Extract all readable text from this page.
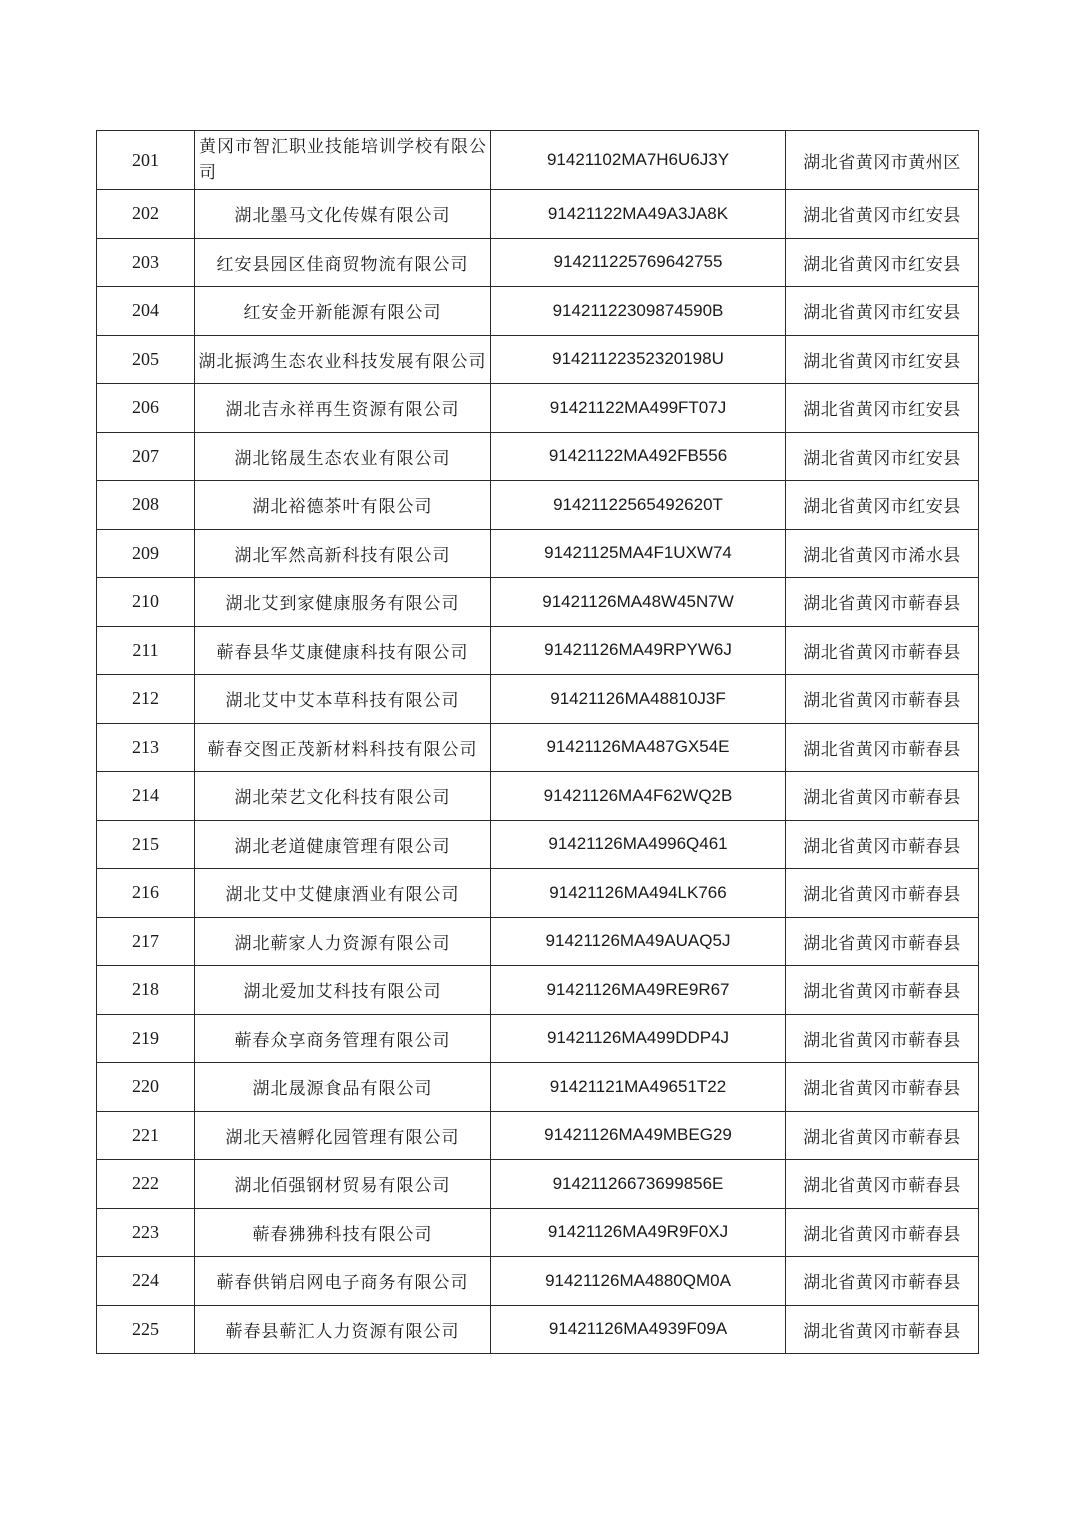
201	黄冈市智汇职业技能培训学校有限公司	91421102MA7H6U6J3Y	湖北省黄冈市黄州区
202	湖北墨马文化传媒有限公司	91421122MA49A3JA8K	湖北省黄冈市红安县
203	红安县园区佳商贸物流有限公司	914211225769642755	湖北省黄冈市红安县
204	红安金开新能源有限公司	91421122309874590B	湖北省黄冈市红安县
205	湖北振鸿生态农业科技发展有限公司	91421122352320198U	湖北省黄冈市红安县
206	湖北吉永祥再生资源有限公司	91421122MA499FT07J	湖北省黄冈市红安县
207	湖北铭晟生态农业有限公司	91421122MA492FB556	湖北省黄冈市红安县
208	湖北裕德茶叶有限公司	91421122565492620T	湖北省黄冈市红安县
209	湖北军然高新科技有限公司	91421125MA4F1UXW74	湖北省黄冈市浠水县
210	湖北艾到家健康服务有限公司	91421126MA48W45N7W	湖北省黄冈市蕲春县
211	蕲春县华艾康健康科技有限公司	91421126MA49RPYW6J	湖北省黄冈市蕲春县
212	湖北艾中艾本草科技有限公司	91421126MA48810J3F	湖北省黄冈市蕲春县
213	蕲春交图正茂新材料科技有限公司	91421126MA487GX54E	湖北省黄冈市蕲春县
214	湖北荣艺文化科技有限公司	91421126MA4F62WQ2B	湖北省黄冈市蕲春县
215	湖北老道健康管理有限公司	91421126MA4996Q461	湖北省黄冈市蕲春县
216	湖北艾中艾健康酒业有限公司	91421126MA494LK766	湖北省黄冈市蕲春县
217	湖北蕲家人力资源有限公司	91421126MA49AUAQ5J	湖北省黄冈市蕲春县
218	湖北爱加艾科技有限公司	91421126MA49RE9R67	湖北省黄冈市蕲春县
219	蕲春众享商务管理有限公司	91421126MA499DDP4J	湖北省黄冈市蕲春县
220	湖北晟源食品有限公司	91421121MA49651T22	湖北省黄冈市蕲春县
221	湖北天禧孵化园管理有限公司	91421126MA49MBEG29	湖北省黄冈市蕲春县
222	湖北佰强钢材贸易有限公司	91421126673699856E	湖北省黄冈市蕲春县
223	蕲春狒狒科技有限公司	91421126MA49R9F0XJ	湖北省黄冈市蕲春县
224	蕲春供销启网电子商务有限公司	91421126MA4880QM0A	湖北省黄冈市蕲春县
225	蕲春县蕲汇人力资源有限公司	91421126MA4939F09A	湖北省黄冈市蕲春县
